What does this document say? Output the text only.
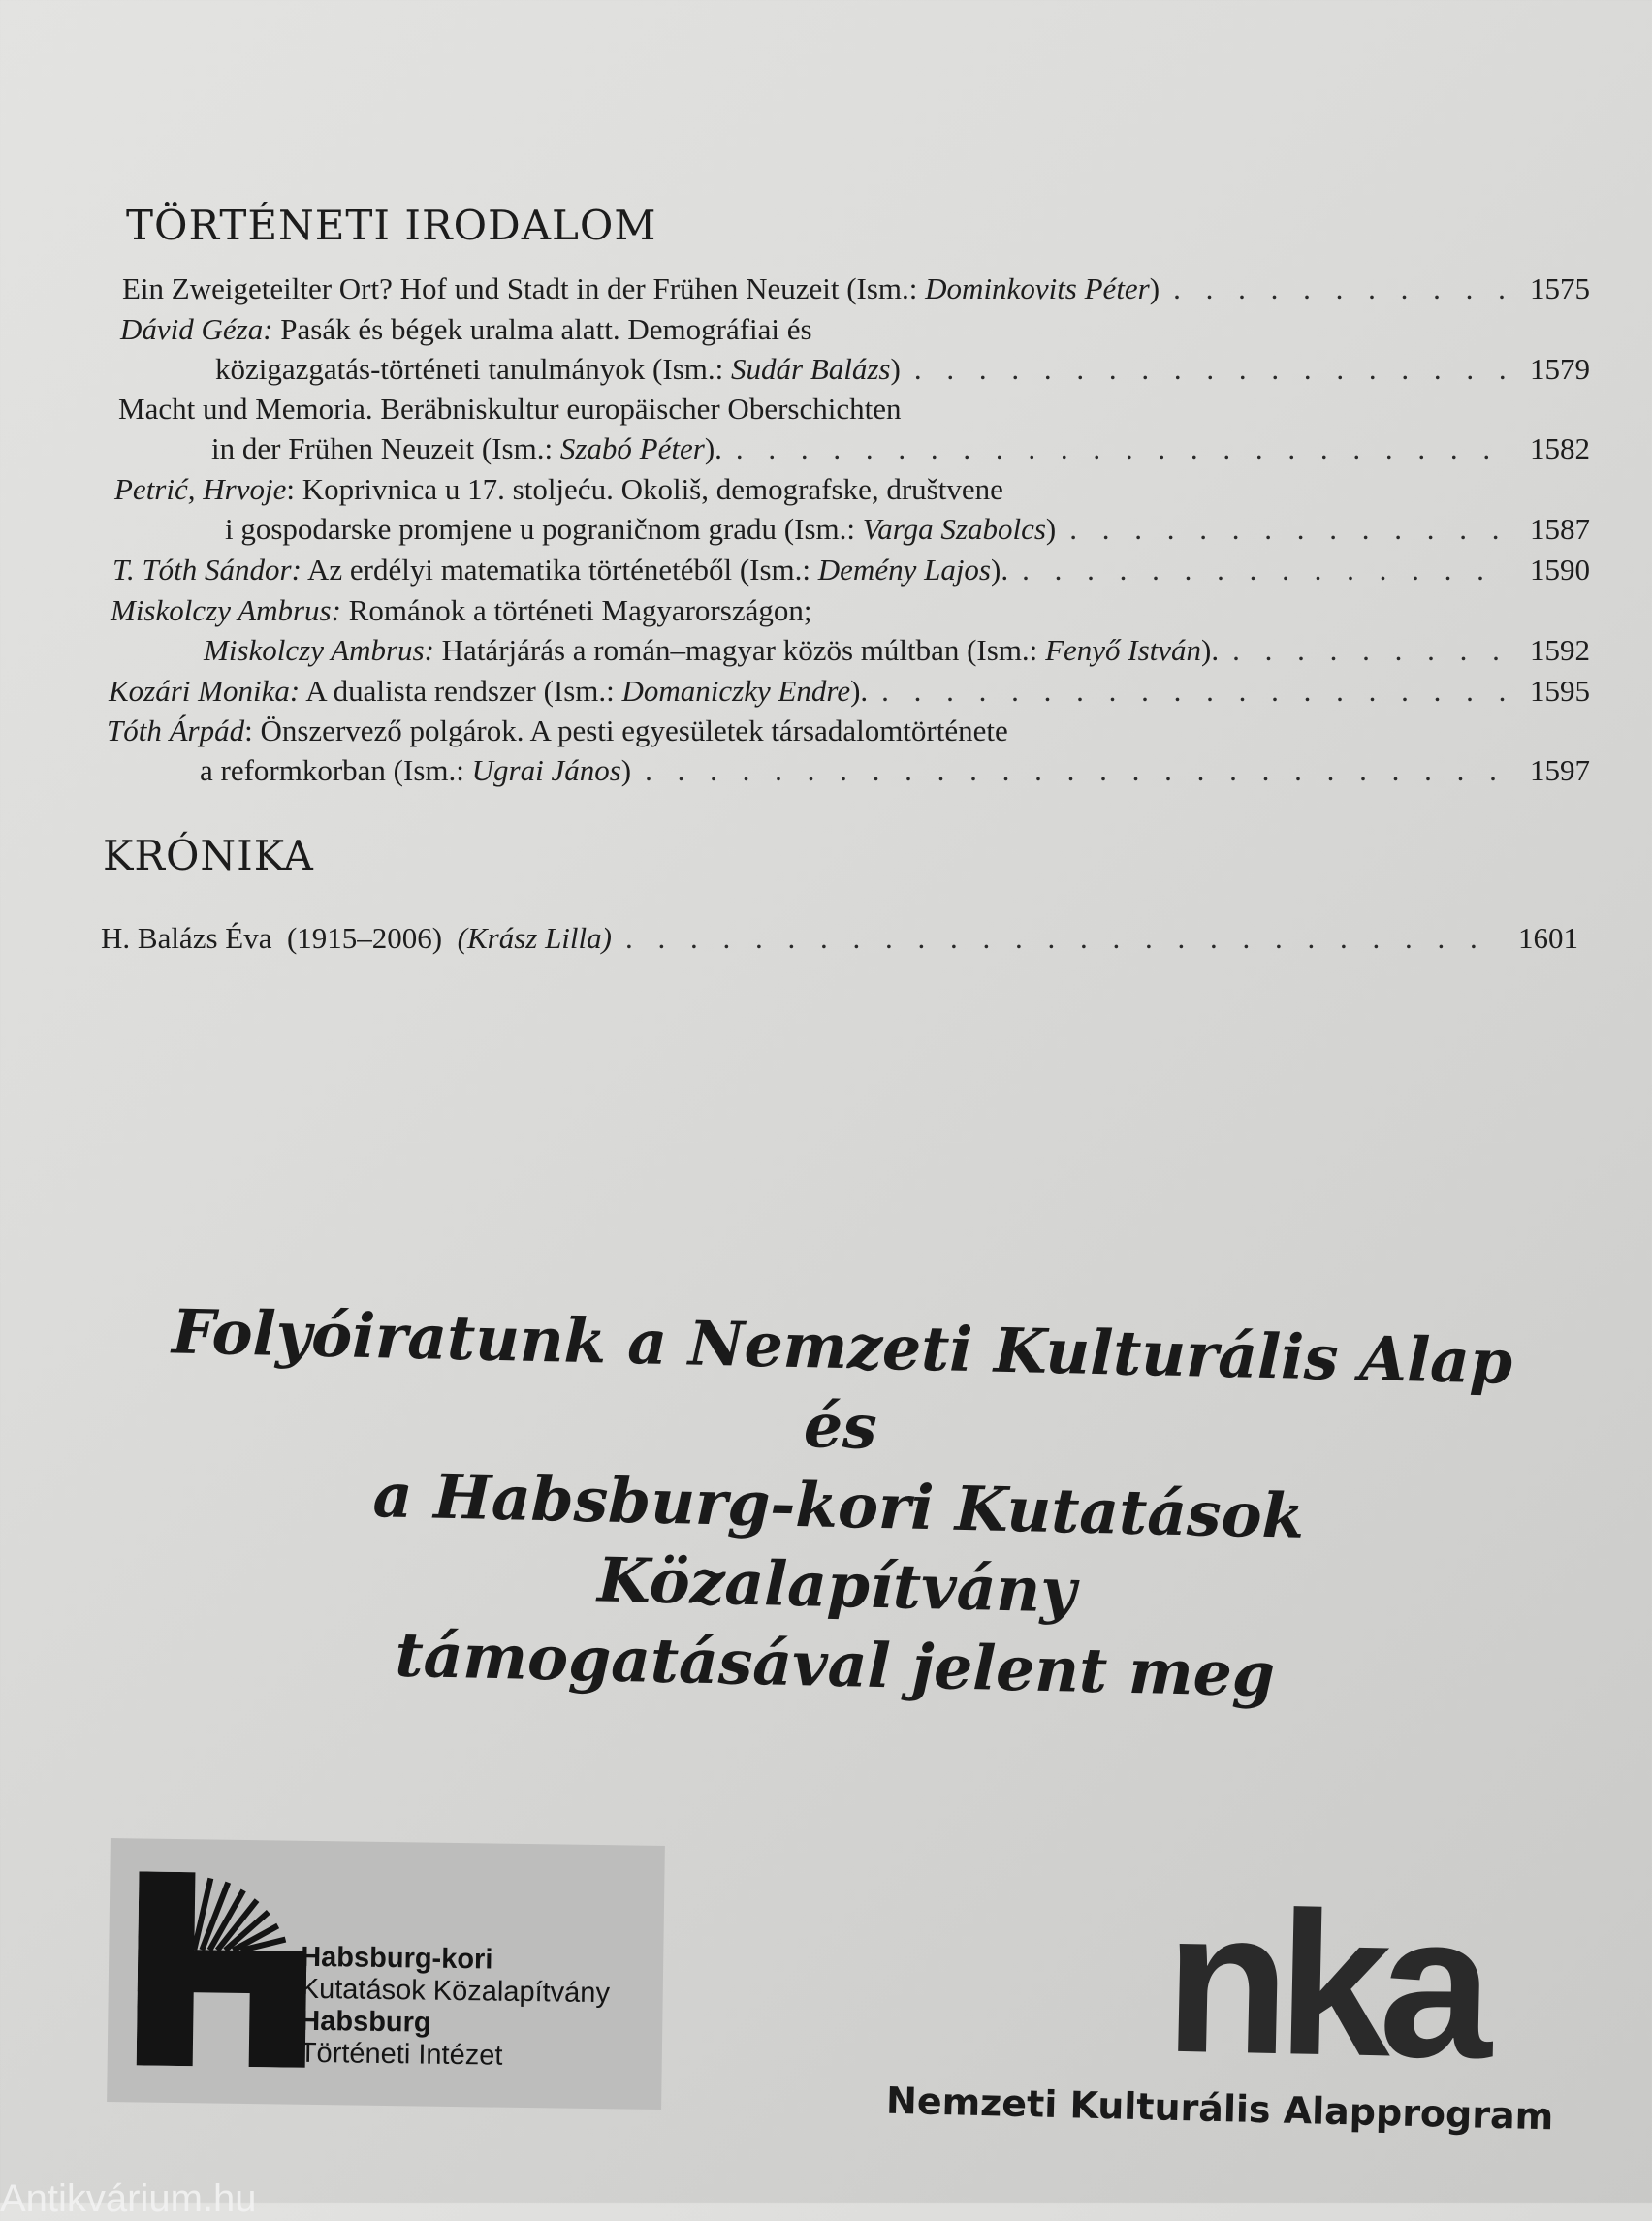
TÖRTÉNETI IRODALOM
Ein Zweigeteilter Ort? Hof und Stadt in der Frühen Neuzeit (Ism.: Dominkovits Péter) . . .	1575
Dávid Géza: Pasák és bégek uralma alatt. Demográfiai és
közigazgatás-történeti tanulmányok (Ism.: Sudár Balázs) . . .	1579
Macht und Memoria. Beräbniskultur europäischer Oberschichten
in der Frühen Neuzeit (Ism.: Szabó Péter). . . .	1582
Petrić, Hrvoje: Koprivnica u 17. stoljeću. Okoliš, demografske, društvene
i gospodarske promjene u pograničnom gradu (Ism.: Varga Szabolcs) . . .	1587
T. Tóth Sándor: Az erdélyi matematika történetéből (Ism.: Demény Lajos). . . .	1590
Miskolczy Ambrus: Románok a történeti Magyarországon;
Miskolczy Ambrus: Határjárás a román–magyar közös múltban (Ism.: Fenyő István). . . .	1592
Kozári Monika: A dualista rendszer (Ism.: Domaniczky Endre). . . .	1595
Tóth Árpád: Önszervező polgárok. A pesti egyesületek társadalomtörténete
a reformkorban (Ism.: Ugrai János) . . .	1597
KRÓNIKA
H. Balázs Éva  (1915–2006)  (Krász Lilla) . . .	1601

Folyóiratunk a Nemzeti Kulturális Alap és
a Habsburg-kori Kutatások Közalapítvány
támogatásával jelent meg

Habsburg-kori
Kutatások Közalapítvány
Habsburg
Történeti Intézet	nka
Nemzeti Kulturális Alapprogram
Antikvárium.hu
